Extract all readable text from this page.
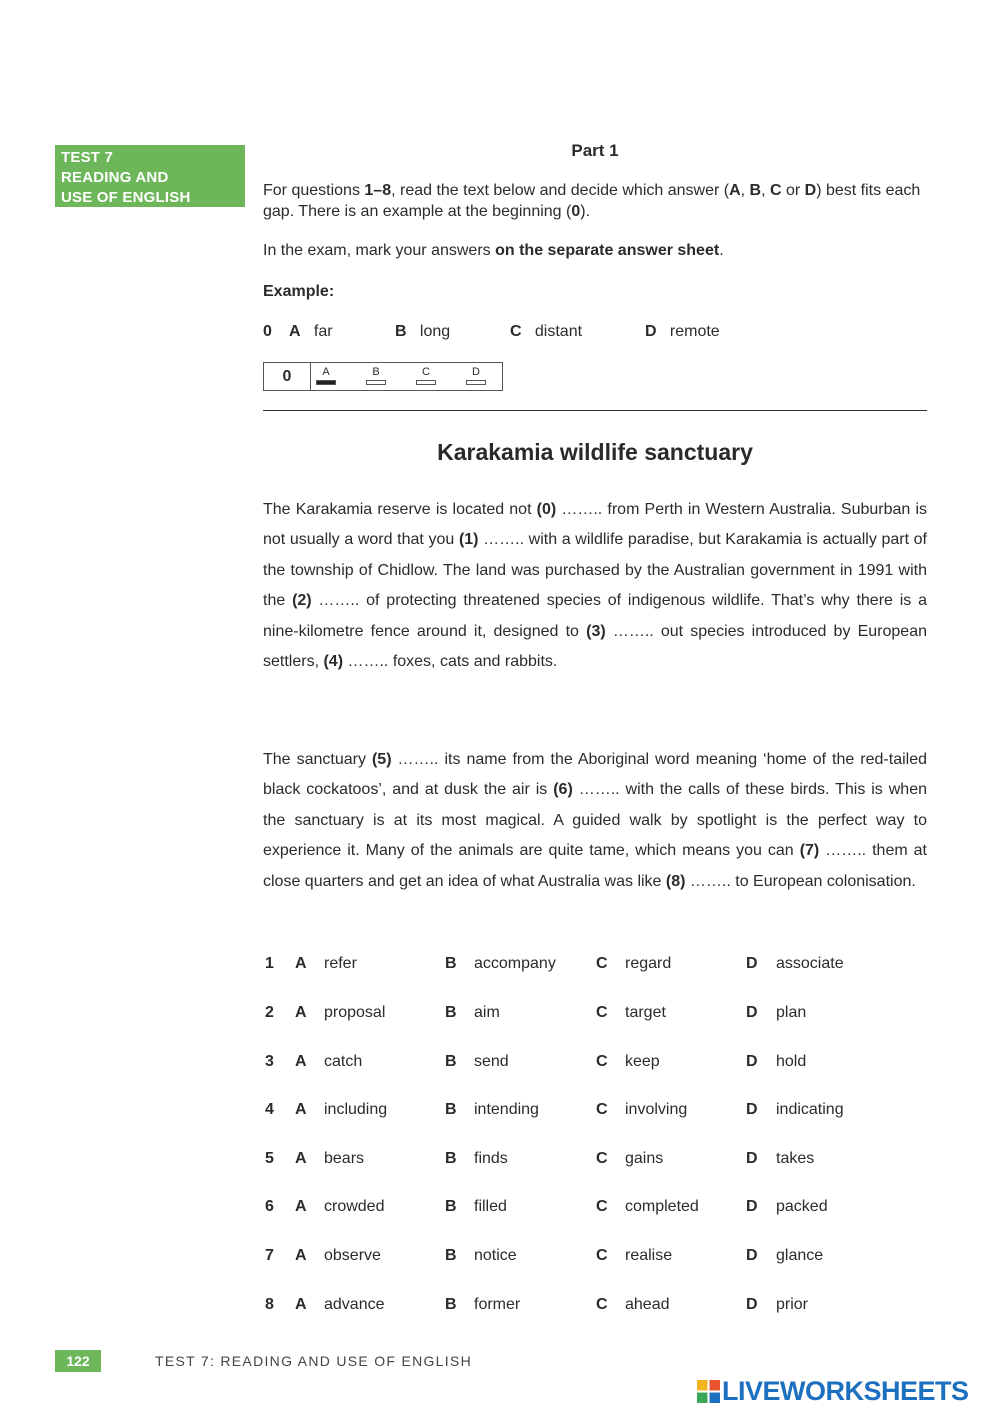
TEST 7
READING AND
USE OF ENGLISH
Part 1
For questions 1–8, read the text below and decide which answer (A, B, C or D) best fits each gap. There is an example at the beginning (0).
In the exam, mark your answers on the separate answer sheet.
Example:
0 A far	B long	C distant	D remote
0	A	B	C	D
Karakamia wildlife sanctuary
The Karakamia reserve is located not (0) …….. from Perth in Western Australia. Suburban is not usually a word that you (1) …….. with a wildlife paradise, but Karakamia is actually part of the township of Chidlow. The land was purchased by the Australian government in 1991 with the (2) …….. of protecting threatened species of indigenous wildlife. That’s why there is a nine-kilometre fence around it, designed to (3) …….. out species introduced by European settlers, (4) …….. foxes, cats and rabbits.
The sanctuary (5) …….. its name from the Aboriginal word meaning ‘home of the red-tailed black cockatoos’, and at dusk the air is (6) …….. with the calls of these birds. This is when the sanctuary is at its most magical. A guided walk by spotlight is the perfect way to experience it. Many of the animals are quite tame, which means you can (7) …….. them at close quarters and get an idea of what Australia was like (8) …….. to European colonisation.
1 A refer	B accompany	C regard	D associate
2 A proposal	B aim	C target	D plan
3 A catch	B send	C keep	D hold
4 A including	B intending	C involving	D indicating
5 A bears	B finds	C gains	D takes
6 A crowded	B filled	C completed	D packed
7 A observe	B notice	C realise	D glance
8 A advance	B former	C ahead	D prior
122	TEST 7: READING AND USE OF ENGLISH
LIVEWORKSHEETS
